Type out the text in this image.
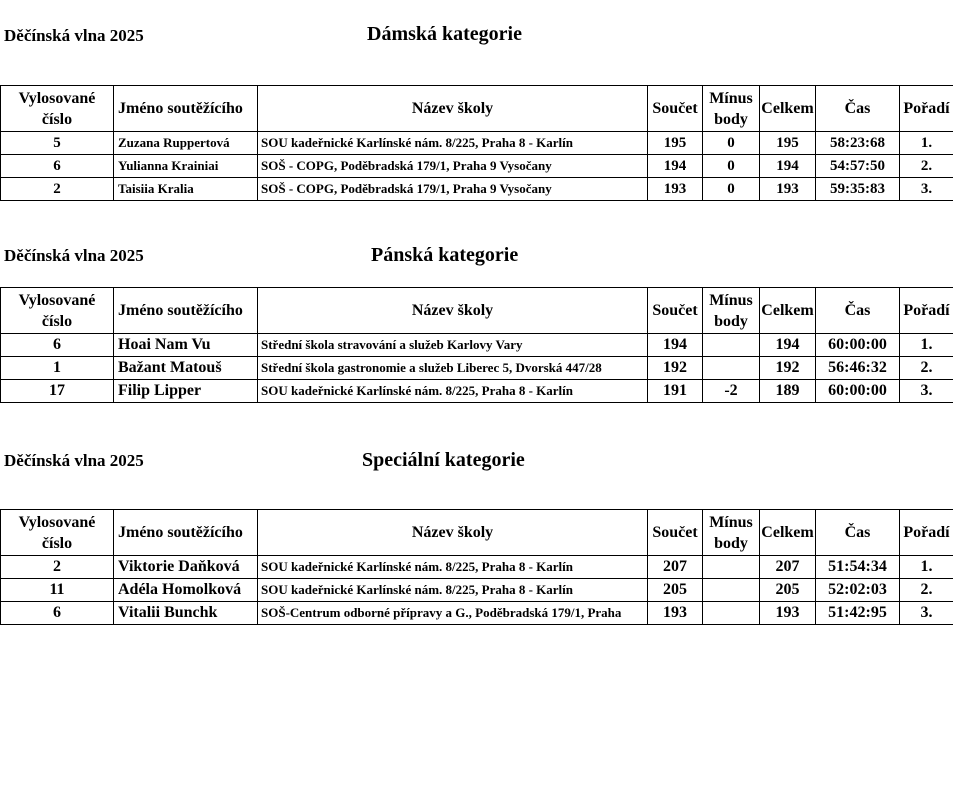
Děčínská vlna 2025	Dámská kategorie
Vylosované
číslo	Jméno soutěžícího	Název školy	Součet	Mínus
body	Celkem	Čas	Pořadí
5	Zuzana Ruppertová	SOU kadeřnické Karlínské nám. 8/225, Praha 8 - Karlín	195	0	195	58:23:68	1.
6	Yulianna Krainiai	SOŠ - COPG, Poděbradská 179/1, Praha 9 Vysočany	194	0	194	54:57:50	2.
2	Taisiia Kralia	SOŠ - COPG, Poděbradská 179/1, Praha 9 Vysočany	193	0	193	59:35:83	3.
Děčínská vlna 2025	Pánská kategorie
Vylosované
číslo	Jméno soutěžícího	Název školy	Součet	Mínus
body	Celkem	Čas	Pořadí
6	Hoai Nam Vu	Střední škola stravování a služeb Karlovy Vary	194		194	60:00:00	1.
1	Bažant Matouš	Střední škola gastronomie a služeb Liberec 5, Dvorská 447/28	192		192	56:46:32	2.
17	Filip Lipper	SOU kadeřnické Karlínské nám. 8/225, Praha 8 - Karlín	191	-2	189	60:00:00	3.
Děčínská vlna 2025	Speciální kategorie
Vylosované
číslo	Jméno soutěžícího	Název školy	Součet	Mínus
body	Celkem	Čas	Pořadí
2	Viktorie Daňková	SOU kadeřnické Karlínské nám. 8/225, Praha 8 - Karlín	207		207	51:54:34	1.
11	Adéla Homolková	SOU kadeřnické Karlínské nám. 8/225, Praha 8 - Karlín	205		205	52:02:03	2.
6	Vitalii Bunchk	SOŠ-Centrum odborné přípravy a G., Poděbradská 179/1, Praha	193		193	51:42:95	3.
